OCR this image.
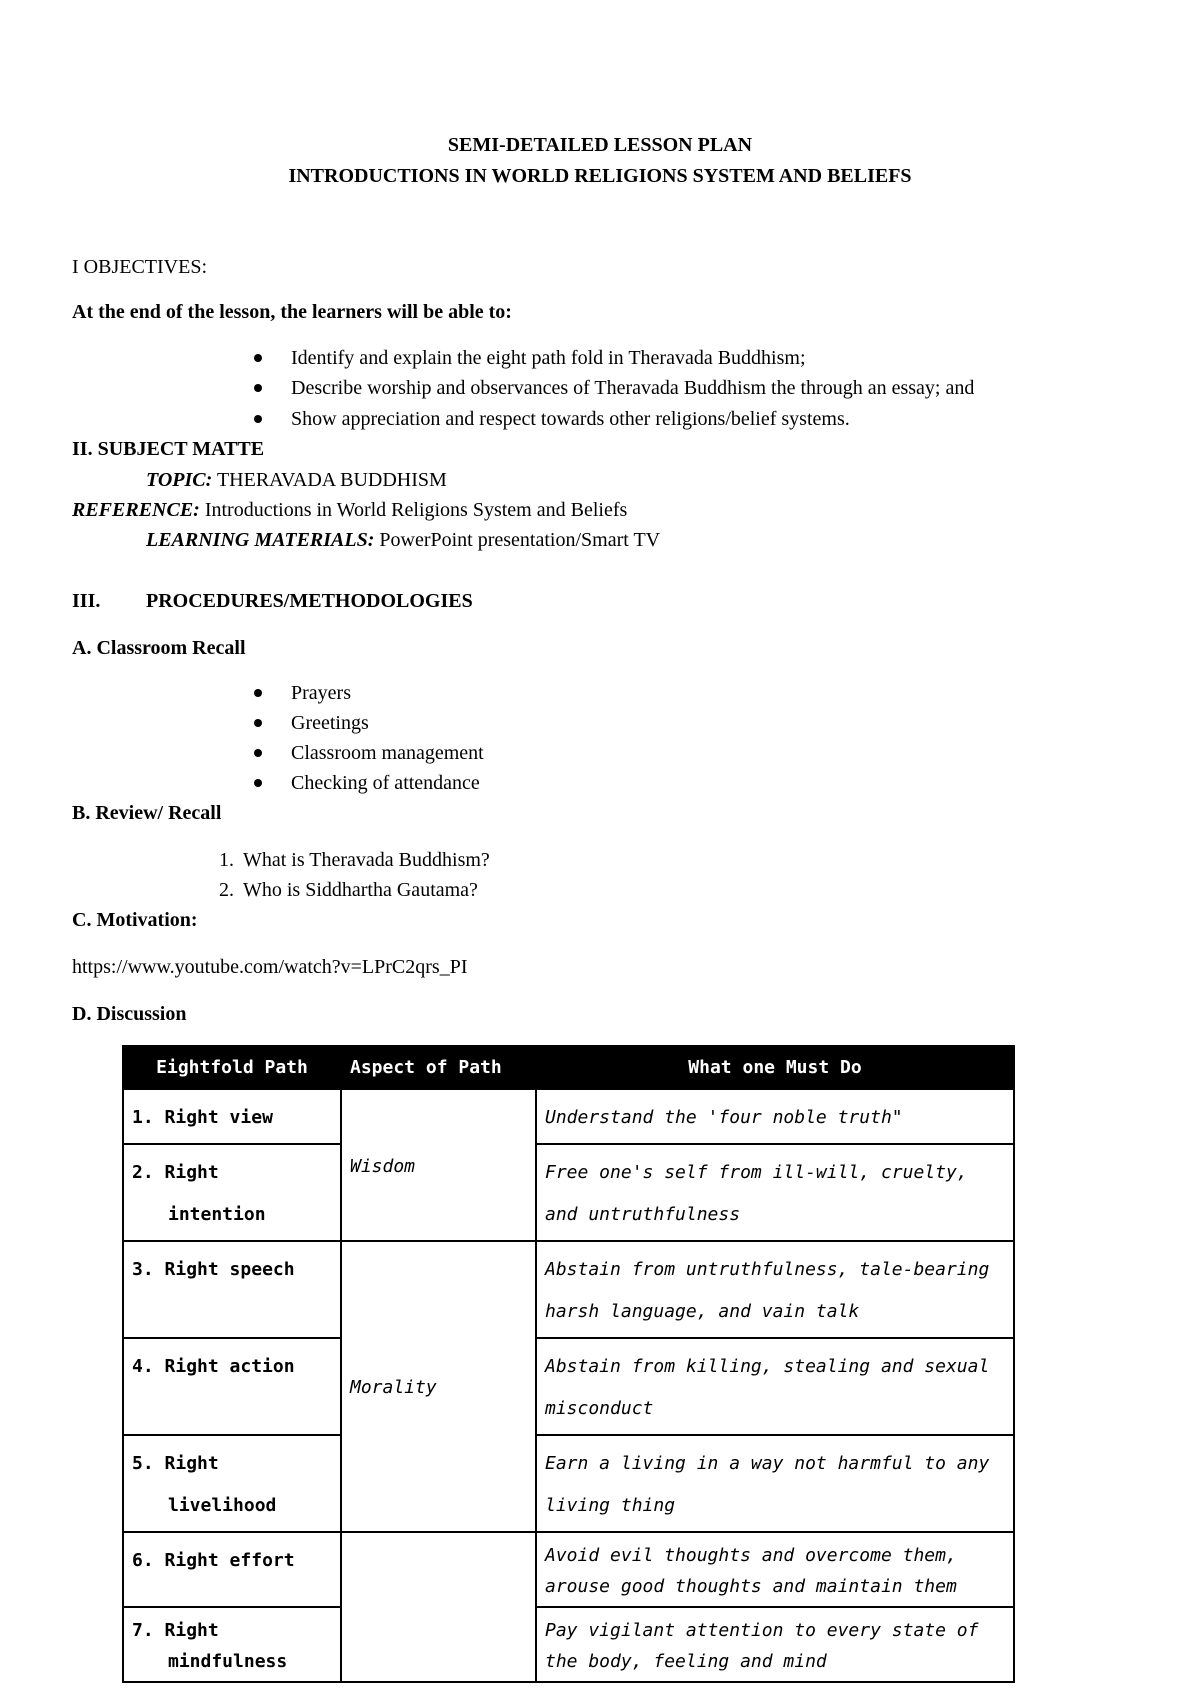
SEMI-DETAILED LESSON PLAN
INTRODUCTIONS IN WORLD RELIGIONS SYSTEM AND BELIEFS
I OBJECTIVES:
At the end of the lesson, the learners will be able to:
Identify and explain the eight path fold in Theravada Buddhism;
Describe worship and observances of Theravada Buddhism the through an essay; and
Show appreciation and respect towards other religions/belief systems.
II. SUBJECT MATTE
TOPIC: THERAVADA BUDDHISM
REFERENCE: Introductions in World Religions System and Beliefs
LEARNING MATERIALS: PowerPoint presentation/Smart TV
III. PROCEDURES/METHODOLOGIES
A. Classroom Recall
Prayers
Greetings
Classroom management
Checking of attendance
B. Review/ Recall
1. What is Theravada Buddhism?
2. Who is Siddhartha Gautama?
C. Motivation:
https://www.youtube.com/watch?v=LPrC2qrs_PI
D. Discussion
Eightfold Path	Aspect of Path	What one Must Do
1. Right view	Wisdom	Understand the 'four noble truth"
2. Right
intention		Free one's self from ill-will, cruelty, and untruthfulness
3. Right speech	Morality	Abstain from untruthfulness, tale-bearing harsh language, and vain talk
4. Right action		Abstain from killing, stealing and sexual misconduct
5. Right
livelihood		Earn a living in a way not harmful to any living thing
6. Right effort		Avoid evil thoughts and overcome them, arouse good thoughts and maintain them
7. Right
mindfulness		Pay vigilant attention to every state of the body, feeling and mind
